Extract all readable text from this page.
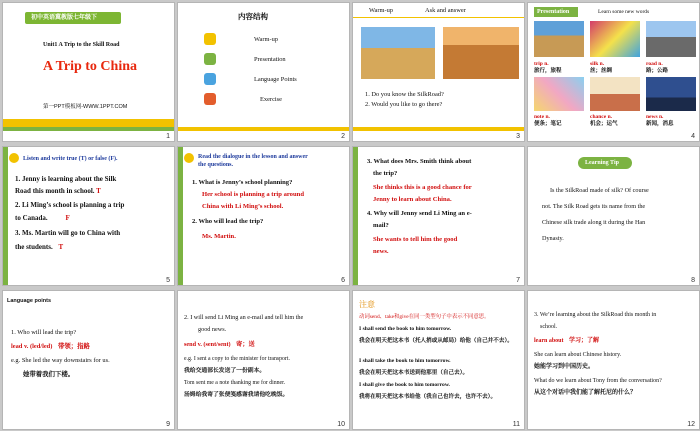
初中英语冀教版七年级下
Unit1 A Trip to the Skill Road
A Trip to China
第一PPT模板网-WWW.1PPT.COM
1
内容结构
Warm-up
Presentation
Language Points
Exercise
2
Warm-up	Ask and answer
1. Do you know the SilkRoad?
2. Would you like to go there?
3
Presentation	Learn some new words
trip n.
旅行，旅程
silk n.
丝；丝绸
road n.
路；公路
note n.
便条；笔记
chance n.
机会；运气
news n.
新闻，消息
4
Listen and write true (T) or false (F).
1. Jenny is learning about the Silk
Road this month in school. T
2. Li Ming’s school is planning a trip
to Canada.	F
3. Ms. Martin will go to China with
the students. T
5
Read the dialogue in the lesson and answer
the questions.
1. What is Jenny’s school planning?
Her school is planning a trip around
China with Li Ming’s school.
2. Who will lead the trip?
Ms. Martin.
6
3. What does Mrs. Smith think about
the trip?
She thinks this is a good chance for
Jenny to learn about China.
4. Why will Jenny send Li Ming an e-
mail?
She wants to tell him the good
news.
7
Learning Tip
Is the SilkRoad made of silk? Of course
not. The Silk Road gets its name from the
Chinese silk trade along it during the Han
Dynasty.
8
Language points
1. Who will lead the trip?
lead v. (led/led) 带领；指路
e.g. She led the way downstairs for us.
她带着我们下楼。
9
2. I will send Li Ming an e-mail and tell him the
good news.
send v. (sent/sent) 寄；送
e.g. I sent a copy to the minister for transport.
我给交通部长发送了一份副本。
Tom sent me a note thanking me for dinner.
汤姆给我寄了张便笺感谢我请他吃晚饭。
10
注意
动词send、take和give在同一类型句子中表示不同意思。
I shall send the book to him tomorrow.
我会在明天把这本书（托人捎或从邮局）给他（自己并不去）。
I shall take the book to him tomorrow.
我会在明天把这本书送到他那里（自己去）。
I shall give the book to him tomorrow.
我将在明天把这本书给他（我自己也许去，也许不去）。
11
3. We’re learning about the SilkRoad this month in
school.
learn about 学习；了解
She can learn about Chinese history.
她能学习到中国历史。
What do we learn about Tony from the conversation?
从这个对话中我们能了解托尼的什么？
12
